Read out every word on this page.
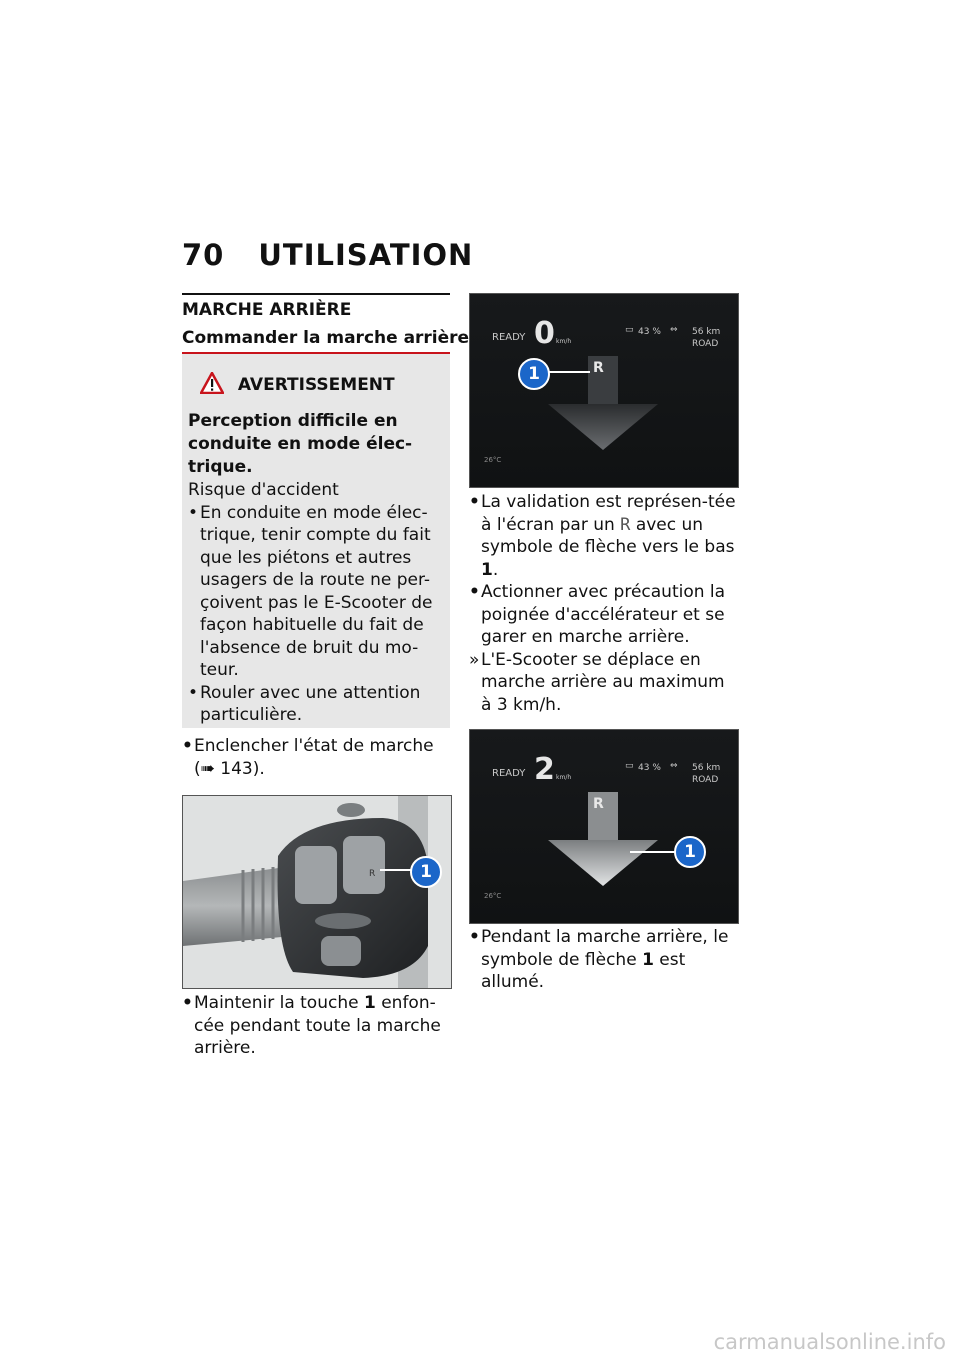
70 UTILISATION
MARCHE ARRIÈRE
Commander la marche arrière
AVERTISSEMENT
Perception difficile en conduite en mode élec-trique.
Risque d'accident
• En conduite en mode élec-trique, tenir compte du fait que les piétons et autres usagers de la route ne per-çoivent pas le E-Scooter de façon habituelle du fait de l'absence de bruit du mo-teur.
• Rouler avec une attention particulière.
• Enclencher l'état de marche
(➠ 143).
R	1
• Maintenir la touche 1 enfon-cée pendant toute la marche arrière.
READY 0 km/h
▭ 43 % ⇔ 56 km
ROAD
R
1
26°C
• La validation est représen-tée à l'écran par un R avec un symbole de flèche vers le bas 1.
• Actionner avec précaution la poignée d'accélérateur et se garer en marche arrière.
» L'E-Scooter se déplace en marche arrière au maximum à 3 km/h.
READY 2 km/h
▭ 43 % ⇔ 56 km
ROAD
R
1
26°C
• Pendant la marche arrière, le symbole de flèche 1 est allumé.
carmanualsonline.info
